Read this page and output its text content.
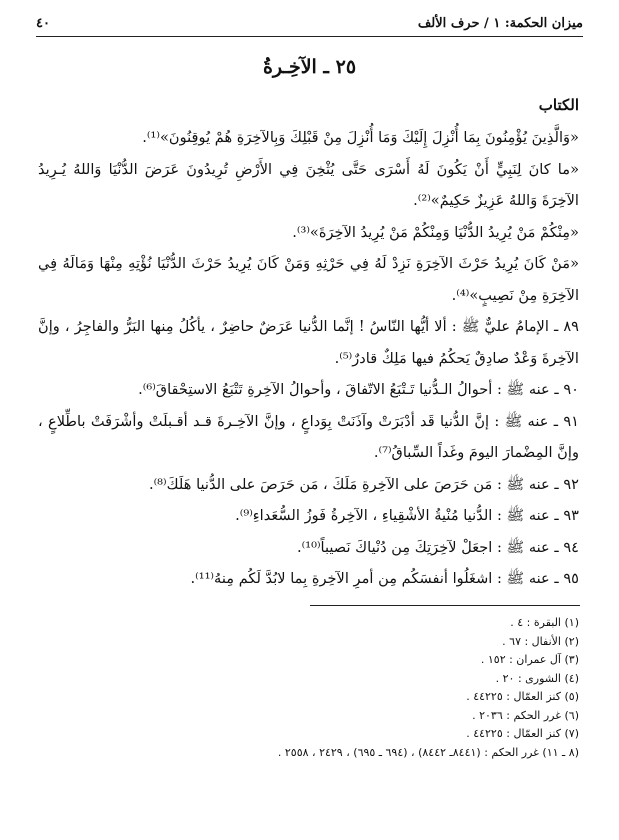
ميزان الحكمة: ١ / حرف الألف
٤٠
٢٥ ـ الآخِـرةُ
الكتاب

«وَالَّذِينَ يُؤْمِنُونَ بِمَا أُنْزِلَ إِلَيْكَ وَمَا أُنْزِلَ مِنْ قَبْلِكَ وَبِالآخِرَةِ هُمْ يُوقِنُونَ»⁽¹⁾.

«ما كانَ لِنَبِيٍّ أَنْ يَكُونَ لَهُ أَسْرَى حَتَّى يُثْخِنَ فِي الأَرْضِ تُرِيدُونَ عَرَضَ الدُّنْيَا وَاللهُ يُـرِيدُ الآخِرَةَ وَاللهُ عَزِيزٌ حَكِيمٌ»⁽²⁾.

«مِنْكُمْ مَنْ يُرِيدُ الدُّنْيَا وَمِنْكُمْ مَنْ يُرِيدُ الآخِرَةَ»⁽³⁾.

«مَنْ كَانَ يُرِيدُ حَرْثَ الآخِرَةِ نَزِدْ لَهُ فِي حَرْثِهِ وَمَنْ كَانَ يُرِيدُ حَرْثَ الدُّنْيَا نُؤْتِهِ مِنْهَا وَمَالَهُ فِي الآخِرَةِ مِنْ نَصِيبٍ»⁽⁴⁾.

٨٩ ـ الإمامُ عليٌّ ﷺ : ألا أيُّها النّاسُ ! إنَّما الدُّنيا عَرَضٌ حاضِرٌ ، يأكُلُ مِنها البَرُّ والفاجِرُ ، وإنَّ الآخِرةَ وَعْدٌ صادِقٌ يَحكُمُ فيها مَلِكٌ قادرٌ⁽⁵⁾.

٩٠ ـ عنه ﷺ : أحوالُ الـدُّنيا تَـتْبَعُ الاتّفاقَ ، وأحوالُ الآخِرةِ تَتْبَعُ الاستِحْقاقَ⁽⁶⁾.

٩١ ـ عنه ﷺ : إنَّ الدُّنيا قَد أدْبَرَتْ وآذَنَتْ بِوَداعٍ ، وإنَّ الآخِـرةَ قـد أقـبلَتْ وأشْرَفَتْ باطِّلاعٍ ، وإنَّ المِضْمارَ اليومَ وغَداً السِّباقُ⁽⁷⁾.

٩٢ ـ عنه ﷺ : مَن حَرَصَ على الآخِرةِ مَلَكَ ، مَن حَرَصَ على الدُّنيا هَلَكَ⁽⁸⁾.

٩٣ ـ عنه ﷺ : الدُّنيا مُنْيةُ الأشْقِياءِ ، الآخِرةُ فَوزُ السُّعَداءِ⁽⁹⁾.

٩٤ ـ عنه ﷺ : اجعَلْ لآخِرَتِكَ مِن دُنْياكَ نَصيباً⁽¹⁰⁾.

٩٥ ـ عنه ﷺ : اشغَلُوا أنفسَكُم مِن أمرِ الآخِرةِ بِما لابُدَّ لَكُم مِنهُ⁽¹¹⁾.

(١) البقرة : ٤ .
(٢) الأنفال : ٦٧ .
(٣) آل عمران : ١٥٢ .
(٤) الشورى : ٢٠ .
(٥) كنز العمّال : ٤٤٢٢٥ .
(٦) غرر الحكم : ٢٠٣٦ .
(٧) كنز العمّال : ٤٤٢٢٥ .
(٨ ـ ١١) غرر الحكم : (٨٤٤١ـ ٨٤٤٢) ، (٦٩٤ ـ ٦٩٥) ، ٢٤٢٩ ، ٢٥٥٨ .
